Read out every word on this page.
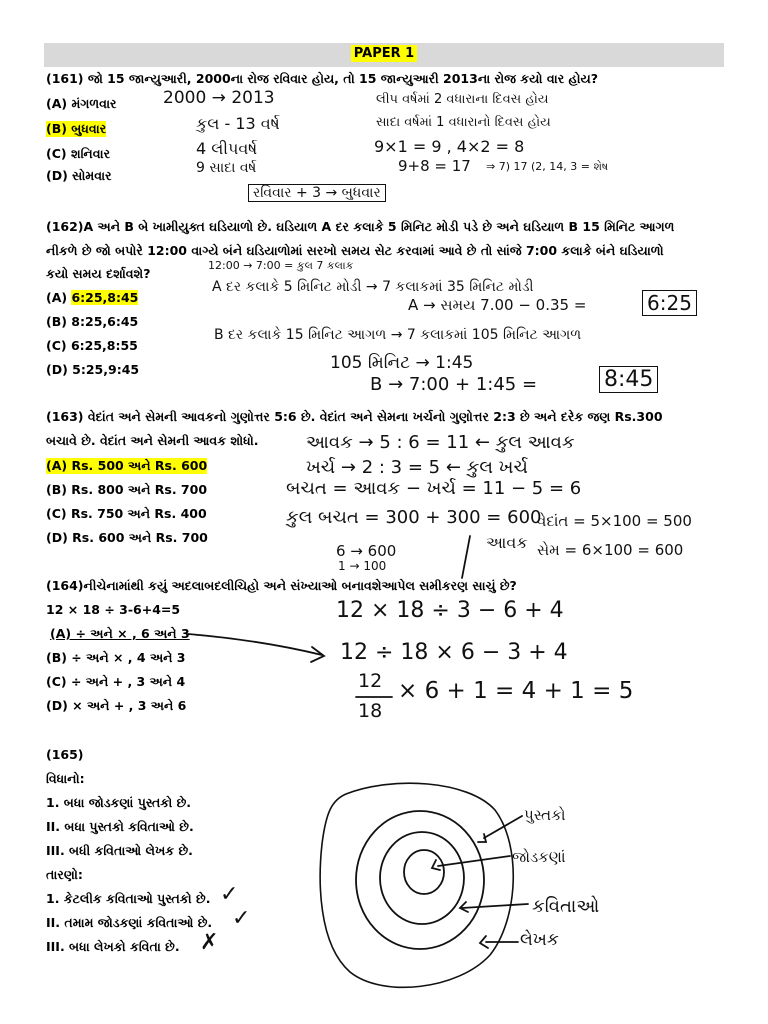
PAPER 1
(161) જો 15 જાન્યુઆરી, 2000ના રોજ રવિવાર હોય, તો 15 જાન્યુઆરી 2013ના રોજ કયો વાર હોય?
(A) મંગળવાર
(B) બુધવાર
(C) શનિવાર
(D) સોમવાર
2000 → 2013
કુલ - 13 વર્ષ
4 લીપવર્ષ
9 સાદા વર્ષ
લીપ વર્ષમાં 2 વધારાના દિવસ હોય
સાદા વર્ષમાં 1 વધારાનો દિવસ હોય
9×1 = 9 , 4×2 = 8
9+8 = 17 ⇒ 7) 17 (2, 14, 3 = શેષ
રવિવાર + 3 → બુધવાર
(162)A અને B બે ખામીયુક્ત ઘડિયાળો છે. ઘડિયાળ A દર કલાકે 5 મિનિટ મોડી પડે છે અને ઘડિયાળ B 15 મિનિટ આગળ
નીકળે છે જો બપોરે 12:00 વાગ્યે બંને ઘડિયાળોમાં સરખો સમય સેટ કરવામાં આવે છે તો સાંજે 7:00 કલાકે બંને ઘડિયાળો
કયો સમય દર્શાવશે?
(A) 6:25,8:45
(B) 8:25,6:45
(C) 6:25,8:55
(D) 5:25,9:45
12:00 → 7:00 = કુલ 7 કલાક
A દર કલાકે 5 મિનિટ મોડી → 7 કલાકમાં 35 મિનિટ મોડી
A → સમય 7.00 − 0.35 =	6:25
B દર કલાકે 15 મિનિટ આગળ → 7 કલાકમાં 105 મિનિટ આગળ
105 મિનિટ → 1:45
B → 7:00 + 1:45 =	8:45
(163) વેદાંત અને સેમની આવકનો ગુણોત્તર 5:6 છે. વેદાંત અને સેમના ખર્ચનો ગુણોત્તર 2:3 છે અને દરેક જણ Rs.300
બચાવે છે. વેદાંત અને સેમની આવક શોધો.
(A) Rs. 500 અને Rs. 600
(B) Rs. 800 અને Rs. 700
(C) Rs. 750 અને Rs. 400
(D) Rs. 600 અને Rs. 700
આવક → 5 : 6 = 11 ← કુલ આવક
ખર્ચ → 2 : 3 = 5 ← કુલ ખર્ચ
બચત = આવક − ખર્ચ = 11 − 5 = 6
કુલ બચત = 300 + 300 = 600
6 → 600
1 → 100
આવક
વેદાંત = 5×100 = 500
સેમ = 6×100 = 600
(164)નીચેનામાંથી કયું અદલાબદલીચિહો અને સંખ્યાઓ બનાવશેઆપેલ સમીકરણ સાચું છે?
12 × 18 ÷ 3-6+4=5
(A) ÷ અને × , 6 અને 3
(B) ÷ અને × , 4 અને 3
(C) ÷ અને + , 3 અને 4
(D) × અને + , 3 અને 6
12 × 18 ÷ 3 − 6 + 4
12 ÷ 18 × 6 − 3 + 4
12
18
× 6 + 1 = 4 + 1 = 5
(165)
વિધાનો:
1. બધા જોડકણાં પુસ્તકો છે.
II. બધા પુસ્તકો કવિતાઓ છે.
III. બધી કવિતાઓ લેખક છે.
તારણો:
1. કેટલીક કવિતાઓ પુસ્તકો છે.
II. તમામ જોડકણાં કવિતાઓ છે.
III. બધા લેખકો કવિતા છે.
✓
✓
✗
પુસ્તકો
જોડકણાં
કવિતાઓ
લેખક
